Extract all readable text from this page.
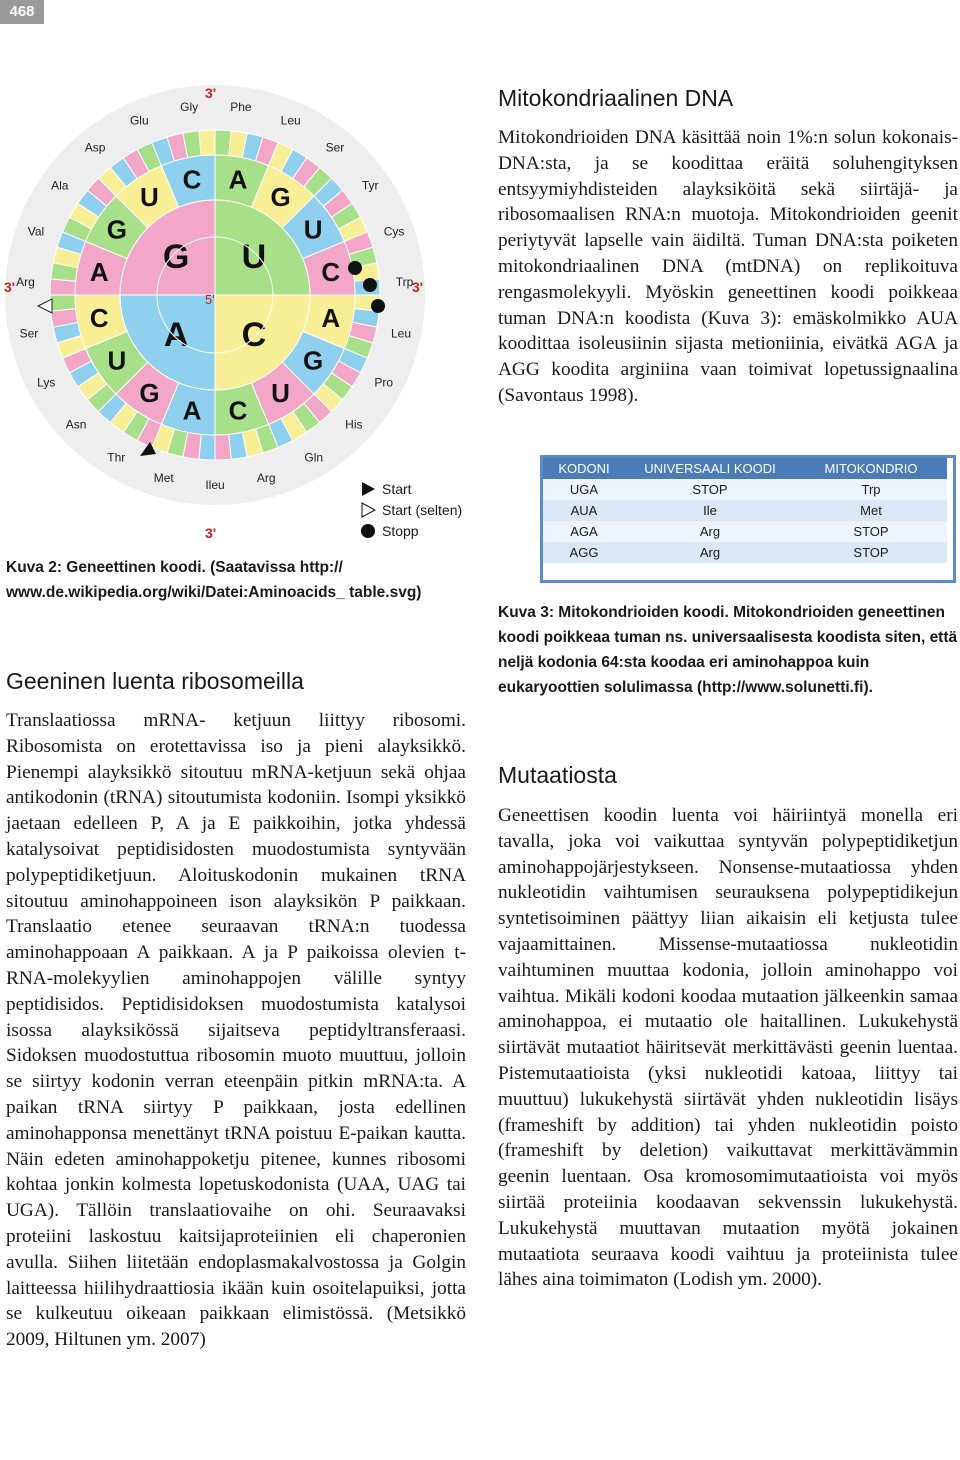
468
A
G
U
C
A
G
U
C
A
G
U
C
A
G
U
C
U
C
A
G
5'
3'
3'
3'	3'
Phe
Leu
Ser
Tyr
Cys
Trp
Leu
Pro
His
Gln
Arg
Ileu
Met
Thr
Asn
Lys
Ser
Arg
Val
Ala
Asp
Glu
Gly
Start
Start (selten)
Stopp

Kuva 2: Geneettinen koodi. (Saatavissa http:// www.de.wikipedia.org/wiki/Datei:Aminoacids_ table.svg)

Geeninen luenta ribosomeilla

Translaatiossa mRNA- ketjuun liittyy ribosomi. Ribosomista on erotettavissa iso ja pieni alayksikkö. Pienempi alayksikkö sitoutuu mRNA-ketjuun sekä ohjaa antikodonin (tRNA) sitoutumista kodoniin. Isompi yksikkö jaetaan edelleen P, A ja E paikkoihin, jotka yhdessä katalysoivat peptidisidosten muodostumista syntyvään polypeptidiketjuun. Aloituskodonin mukainen tRNA sitoutuu aminohappoineen ison alayksikön P paikkaan. Translaatio etenee seuraavan tRNA:n tuodessa aminohappoaan A paikkaan. A ja P paikoissa olevien t-RNA-molekyylien aminohappojen välille syntyy peptidisidos. Peptidisidoksen muodostumista katalysoi isossa alayksikössä sijaitseva peptidyltransferaasi. Sidoksen muodostuttua ribosomin muoto muuttuu, jolloin se siirtyy kodonin verran eteenpäin pitkin mRNA:ta. A paikan tRNA siirtyy P paikkaan, josta edellinen aminohapponsa menettänyt tRNA poistuu E-paikan kautta. Näin edeten aminohappoketju pitenee, kunnes ribosomi kohtaa jonkin kolmesta lopetuskodonista (UAA, UAG tai UGA). Tällöin translaatiovaihe on ohi. Seuraavaksi proteiini laskostuu kaitsijaproteiinien eli chaperonien avulla. Siihen liitetään endoplasmakalvostossa ja Golgin laitteessa hiilihydraattiosia ikään kuin osoitelapuiksi, jotta se kulkeutuu oikeaan paikkaan elimistössä. (Metsikkö 2009, Hiltunen ym. 2007)

Mitokondriaalinen DNA

Mitokondrioiden DNA käsittää noin 1%:n solun kokonais-DNA:sta, ja se koodittaa eräitä soluhengityksen entsyymiyhdisteiden alayksiköitä sekä siirtäjä- ja ribosomaalisen RNA:n muotoja. Mitokondrioiden geenit periytyvät lapselle vain äidiltä. Tuman DNA:sta poiketen mitokondriaalinen DNA (mtDNA) on replikoituva rengasmolekyyli. Myöskin geneettinen koodi poikkeaa tuman DNA:n koodista (Kuva 3): emäskolmikko AUA koodittaa isoleusiinin sijasta metioniinia, eivätkä AGA ja AGG koodita arginiina vaan toimivat lopetussignaalina (Savontaus 1998).

KODONI	UNIVERSAALI KOODI	MITOKONDRIO
UGA	STOP	Trp
AUA	Ile	Met
AGA	Arg	STOP
AGG	Arg	STOP

Kuva 3: Mitokondrioiden koodi. Mitokondrioiden geneettinen koodi poikkeaa tuman ns. universaalisesta koodista siten, että neljä kodonia 64:sta koodaa eri aminohappoa kuin eukaryoottien solulimassa (http://www.solunetti.fi).

Mutaatiosta

Geneettisen koodin luenta voi häiriintyä monella eri tavalla, joka voi vaikuttaa syntyvän polypeptidiketjun aminohappojärjestykseen. Nonsense-mutaatiossa yhden nukleotidin vaihtumisen seurauksena polypeptidikejun syntetisoiminen päättyy liian aikaisin eli ketjusta tulee vajaamittainen. Missense-mutaatiossa nukleotidin vaihtuminen muuttaa kodonia, jolloin aminohappo voi vaihtua. Mikäli kodoni koodaa mutaation jälkeenkin samaa aminohappoa, ei mutaatio ole haitallinen. Lukukehystä siirtävät mutaatiot häiritsevät merkittävästi geenin luentaa. Pistemutaatioista (yksi nukleotidi katoaa, liittyy tai muuttuu) lukukehystä siirtävät yhden nukleotidin lisäys (frameshift by addition) tai yhden nukleotidin poisto (frameshift by deletion) vaikuttavat merkittävämmin geenin luentaan. Osa kromosomimutaatioista voi myös siirtää proteiinia koodaavan sekvenssin lukukehystä. Lukukehystä muuttavan mutaation myötä jokainen mutaatiota seuraava koodi vaihtuu ja proteiinista tulee lähes aina toimimaton (Lodish ym. 2000).
